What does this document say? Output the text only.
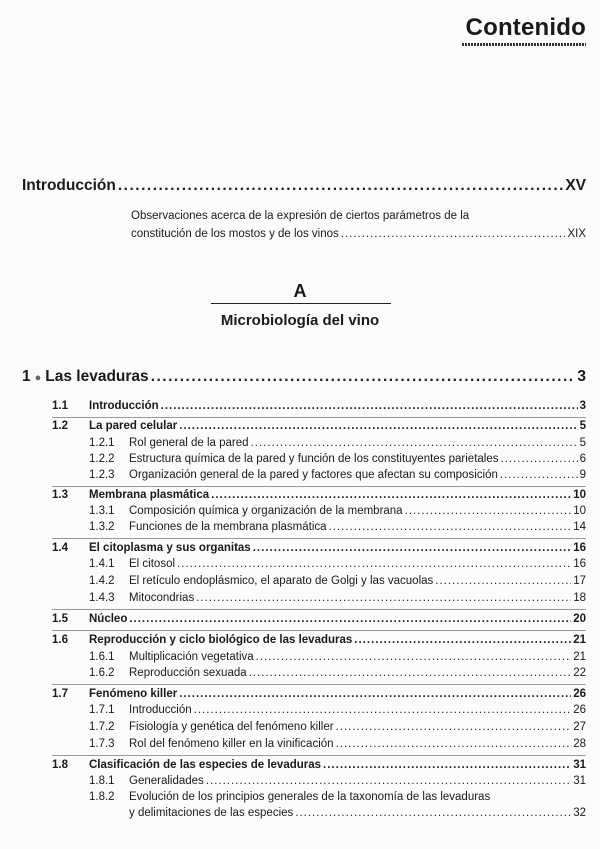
Contenido
Introducción .....	XV
Observaciones acerca de la expresión de ciertos parámetros de la
constitución de los mostos y de los vinos .....	XIX
A
Microbiología del vino
1 ● Las levaduras .....	3
1.1 Introducción .....	3
1.2 La pared celular .....	5
1.2.1 Rol general de la pared .....	5
1.2.2 Estructura química de la pared y función de los constituyentes parietales .....	6
1.2.3 Organización general de la pared y factores que afectan su composición .....	9
1.3 Membrana plasmática .....	10
1.3.1 Composición química y organización de la membrana .....	10
1.3.2 Funciones de la membrana plasmática .....	14
1.4 El citoplasma y sus organitas .....	16
1.4.1 El citosol .....	16
1.4.2 El retículo endoplásmico, el aparato de Golgi y las vacuolas .....	17
1.4.3 Mitocondrias .....	18
1.5 Núcleo .....	20
1.6 Reproducción y ciclo biológico de las levaduras .....	21
1.6.1 Multiplicación vegetativa .....	21
1.6.2 Reproducción sexuada .....	22
1.7 Fenómeno killer .....	26
1.7.1 Introducción .....	26
1.7.2 Fisiología y genética del fenómeno killer .....	27
1.7.3 Rol del fenómeno killer en la vinificación .....	28
1.8 Clasificación de las especies de levaduras .....	31
1.8.1 Generalidades .....	31
1.8.2 Evolución de los principios generales de la taxonomía de las levaduras
y delimitaciones de las especies .....	32
